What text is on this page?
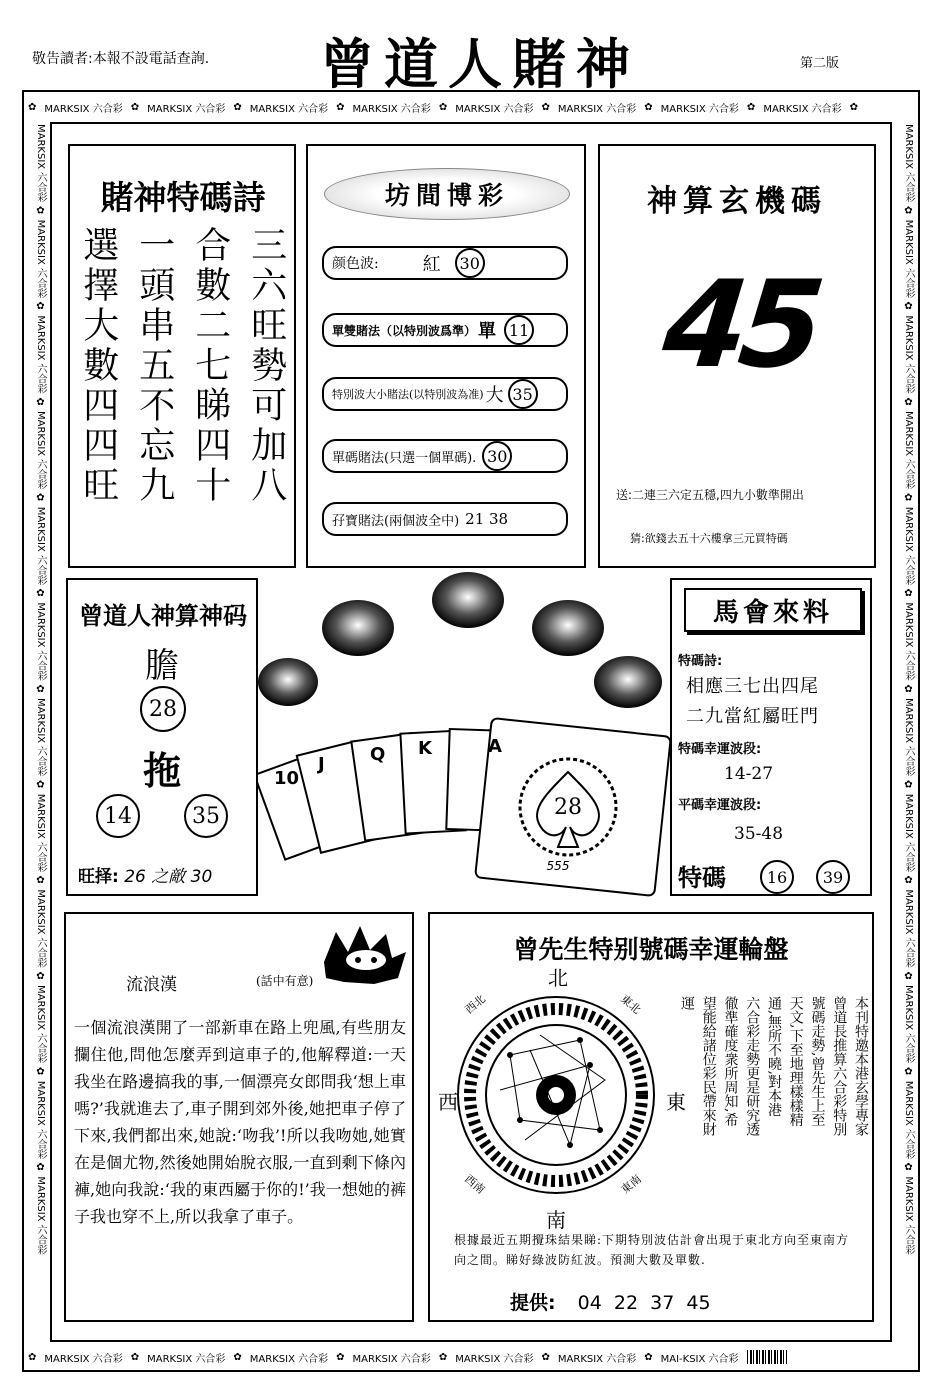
敬告讀者:本報不設電話查詢.	曾道人賭神	第二版
✿ MARKSIX 六合彩 ✿ MARKSIX 六合彩 ✿ MARKSIX 六合彩 ✿ MARKSIX 六合彩 ✿ MARKSIX 六合彩 ✿ MARKSIX 六合彩 ✿ MARKSIX 六合彩 ✿ MARKSIX 六合彩 ✿
✿ MARKSIX 六合彩 ✿ MARKSIX 六合彩 ✿ MARKSIX 六合彩 ✿ MARKSIX 六合彩 ✿ MARKSIX 六合彩 ✿ MARKSIX 六合彩 ✿ MAI-KSIX 六合彩
MARKSIX 六合彩 ✿ MARKSIX 六合彩 ✿ MARKSIX 六合彩 ✿ MARKSIX 六合彩 ✿ MARKSIX 六合彩 ✿ MARKSIX 六合彩 ✿ MARKSIX 六合彩 ✿ MARKSIX 六合彩 ✿ MARKSIX 六合彩 ✿ MARKSIX 六合彩 ✿ MARKSIX 六合彩 ✿ MARKSIX 六合彩
MARKSIX 六合彩 ✿ MARKSIX 六合彩 ✿ MARKSIX 六合彩 ✿ MARKSIX 六合彩 ✿ MARKSIX 六合彩 ✿ MARKSIX 六合彩 ✿ MARKSIX 六合彩 ✿ MARKSIX 六合彩 ✿ MARKSIX 六合彩 ✿ MARKSIX 六合彩 ✿ MARKSIX 六合彩 ✿ MARKSIX 六合彩
賭神特碼詩
選擇大數四四旺 一頭串五不忘九 合數二七睇四十 三六旺勢可加八
坊間博彩
颜色波: 紅	30
單雙賭法（以特別波爲準） 單 11
特別波大小賭法(以特別波為准) 大 35
單碼賭法(只選一個單碼). 30
孖寶賭法(兩個波全中) 21 38
神算玄機碼
45
送:二連三六定五穩,四九小數準開出
猜:欲錢去五十六樓拿三元買特碼
曾道人神算神码
膽
28
拖
14	35
旺择: 26 之敵 30
10
J	Q K	A
28
555
馬會來料
特碼詩:
相應三七出四尾
二九當紅屬旺門
特碼幸運波段:
14-27
平碼幸運波段:
35-48
特碼	16	39
流浪漢	(話中有意)
一個流浪漢開了一部新車在路上兜風,有些朋友攔住他,問他怎麼弄到這車子的,他解釋道:一天我坐在路邊搞我的事,一個漂亮女郎問我‘想上車嗎?’我就進去了,車子開到郊外後,她把車子停了下來,我們都出來,她說:‘吻我’!所以我吻她,她實在是個尤物,然後她開始脫衣服,一直到剩下條內褲,她向我說:‘我的東西屬于你的!’我一想她的裤子我也穿不上,所以我拿了車子。
曾先生特别號碼幸運輪盤
北
南
東
西
東北
西北
東南
西南
本刊特邀本港玄學專家
曾道長推算六合彩特別
號碼走勢,曾先生上至
天文,下至地理樣樣精
通,無所不曉,對本港
六合彩走勢更是研究透
徹準確度衆所周知,希
望能給諸位彩民帶來財
運
根據最近五期攪珠結果睇:下期特別波估計會出現于東北方向至東南方向之間。睇好綠波防紅波。預測大數及單數.
提供: 04  22  37  45
